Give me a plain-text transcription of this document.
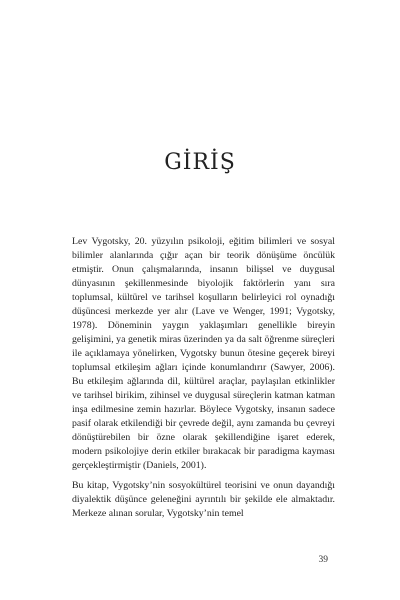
GİRİŞ

Lev Vygotsky, 20. yüzyılın psikoloji, eğitim bilimleri ve sosyal bilimler alanlarında çığır açan bir teorik dönüşüme öncülük etmiştir. Onun çalışmalarında, insanın bilişsel ve duygusal dünyasının şekillenmesinde biyolojik faktörlerin yanı sıra toplumsal, kültürel ve tarihsel koşulların belirleyici rol oynadığı düşüncesi merkezde yer alır (Lave ve Wenger, 1991; Vygotsky, 1978). Döneminin yaygın yaklaşımları genellikle bireyin gelişimini, ya genetik miras üzerinden ya da salt öğrenme süreçleri ile açıklamaya yönelirken, Vygotsky bunun ötesine geçerek bireyi toplumsal etkileşim ağları içinde konumlandırır (Sawyer, 2006). Bu etkileşim ağlarında dil, kültürel araçlar, paylaşılan etkinlikler ve tarihsel birikim, zihinsel ve duygusal süreçlerin katman katman inşa edilmesine zemin hazırlar. Böylece Vygotsky, insanın sadece pasif olarak etkilendiği bir çevrede değil, aynı zamanda bu çevreyi dönüştürebilen bir özne olarak şekillendiğine işaret ederek, modern psikolojiye derin etkiler bırakacak bir paradigma kayması gerçekleştirmiştir (Daniels, 2001).

Bu kitap, Vygotsky’nin sosyokültürel teorisini ve onun dayandığı diyalektik düşünce geleneğini ayrıntılı bir şekilde ele almaktadır. Merkeze alınan sorular, Vygotsky’nin temel

39
